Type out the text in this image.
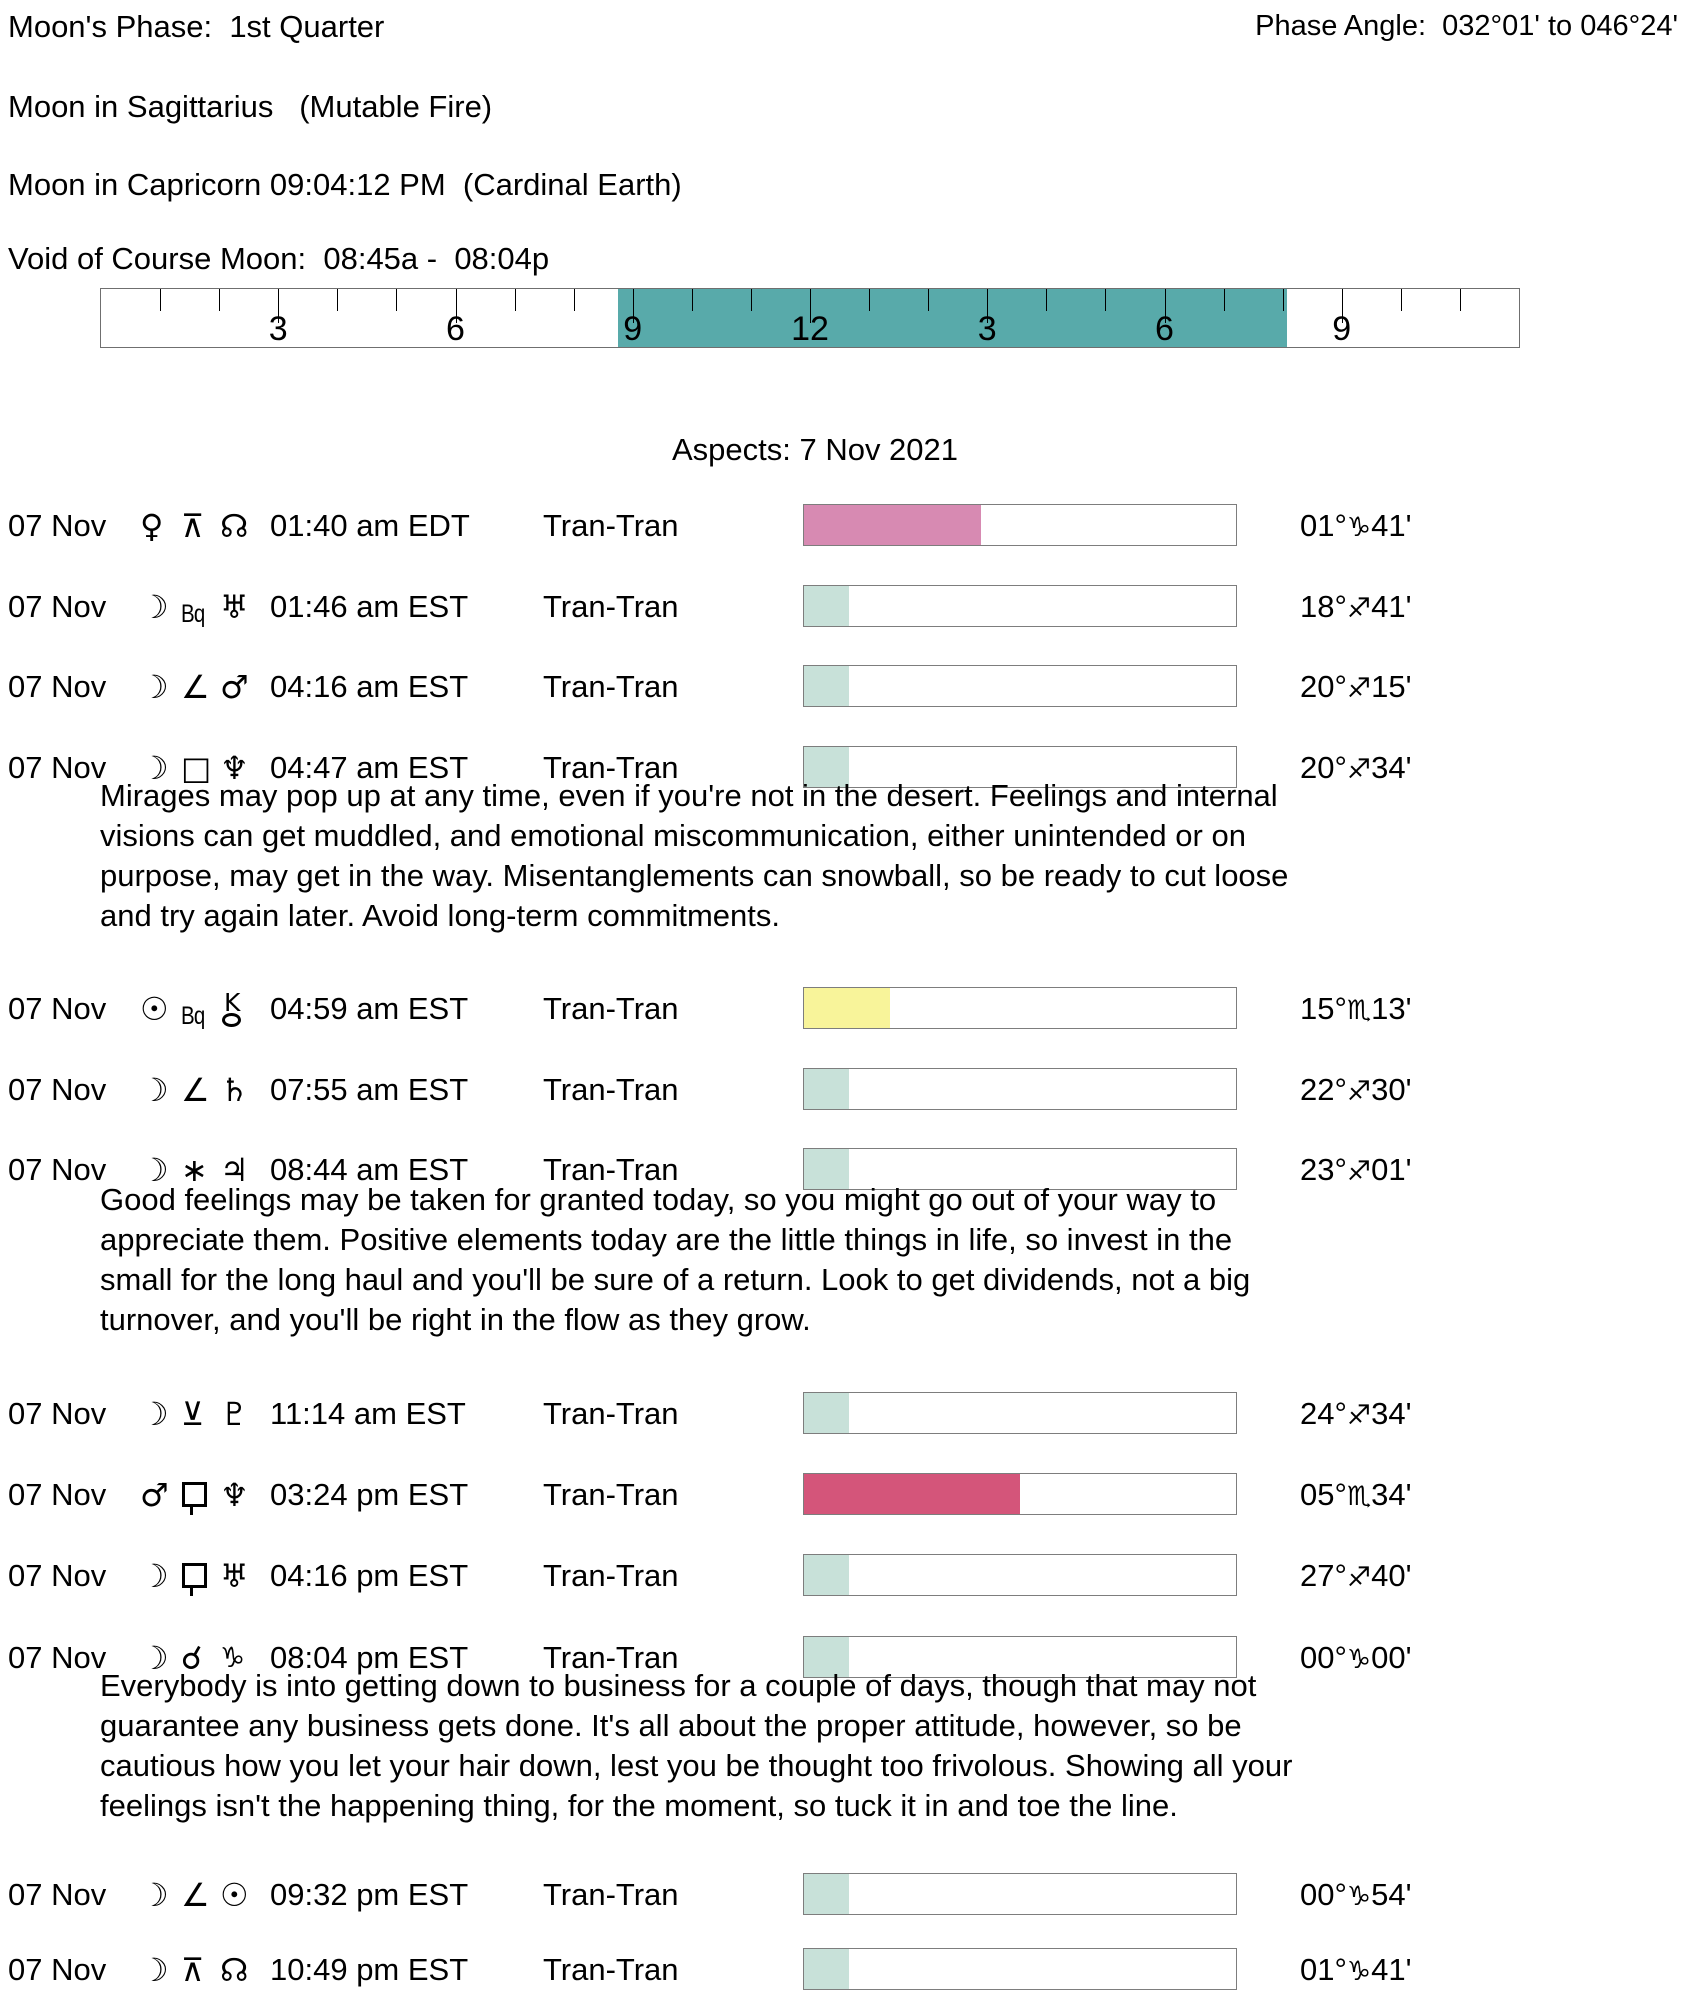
Moon's Phase:  1st Quarter	Phase Angle:  032°01' to 046°24'
Moon in Sagittarius   (Mutable Fire)
Moon in Capricorn 09:04:12 PM  (Cardinal Earth)
Void of Course Moon:  08:45a -  08:04p
3	6	9	12	3	6	9
Aspects: 7 Nov 2021
07 Nov ♀ ⊼ ☊ 01:40 am EDT Tran-Tran	01°♑41'
07 Nov ☽ Bq ♅ 01:46 am EST Tran-Tran	18°♐41'
07 Nov ☽ ∠ ♂ 04:16 am EST Tran-Tran	20°♐15'
07 Nov ☽ □ ♆ 04:47 am EST Tran-Tran	20°♐34'
Mirages may pop up at any time, even if you're not in the desert. Feelings and internal visions can get muddled, and emotional miscommunication, either unintended or on purpose, may get in the way. Misentanglements can snowball, so be ready to cut loose and try again later. Avoid long-term commitments.
07 Nov ☉ Bq K 04:59 am EST Tran-Tran	15°♏13'
07 Nov ☽ ∠ ♄ 07:55 am EST Tran-Tran	22°♐30'
07 Nov ☽ ∗ ♃ 08:44 am EST Tran-Tran	23°♐01'
Good feelings may be taken for granted today, so you might go out of your way to appreciate them. Positive elements today are the little things in life, so invest in the small for the long haul and you'll be sure of a return. Look to get dividends, not a big turnover, and you'll be right in the flow as they grow.
07 Nov ☽ ⊻ ♇ 11:14 am EST Tran-Tran	24°♐34'
07 Nov ♂ ♆ 03:24 pm EST Tran-Tran	05°♏34'
07 Nov ☽ ♅ 04:16 pm EST Tran-Tran	27°♐40'
07 Nov ☽ ☌ ♑ 08:04 pm EST Tran-Tran	00°♑00'
Everybody is into getting down to business for a couple of days, though that may not guarantee any business gets done. It's all about the proper attitude, however, so be cautious how you let your hair down, lest you be thought too frivolous. Showing all your feelings isn't the happening thing, for the moment, so tuck it in and toe the line.
07 Nov ☽ ∠ ☉ 09:32 pm EST Tran-Tran	00°♑54'
07 Nov ☽ ⊼ ☊ 10:49 pm EST Tran-Tran	01°♑41'
